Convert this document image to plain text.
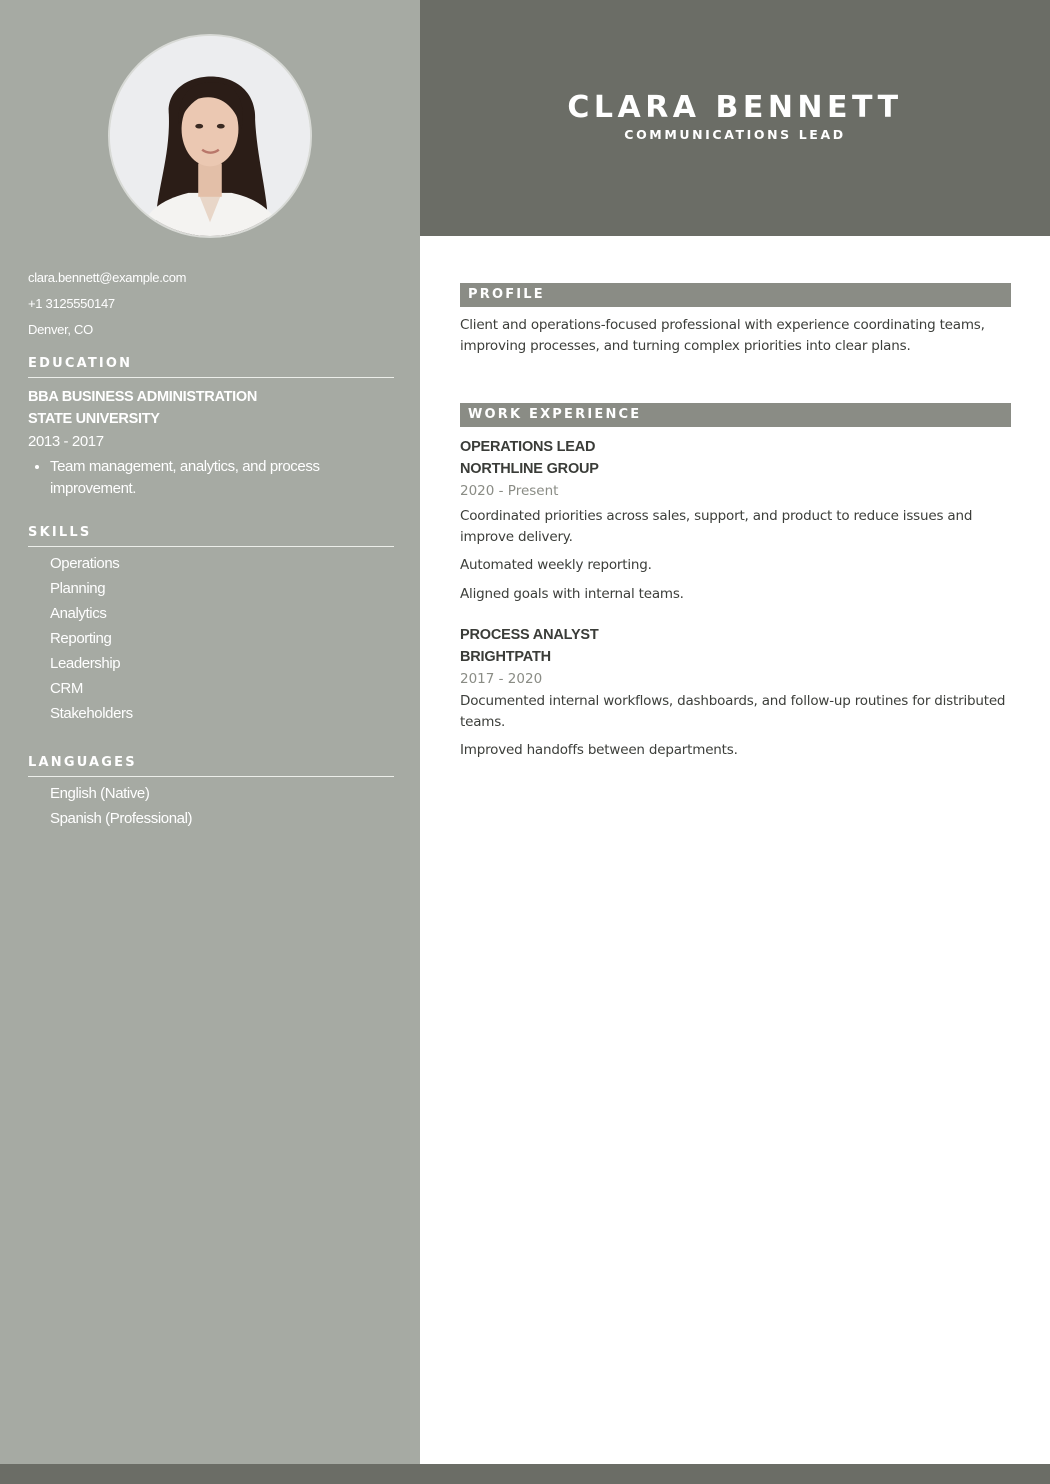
clara.bennett@example.com
+1 3125550147
Denver, CO
EDUCATION
BBA BUSINESS ADMINISTRATION
STATE UNIVERSITY
2013 - 2017
• Team management, analytics, and process improvement.
SKILLS
Operations
Planning
Analytics
Reporting
Leadership
CRM
Stakeholders
LANGUAGES
English (Native)
Spanish (Professional)
CLARA BENNETT
COMMUNICATIONS LEAD
PROFILE
Client and operations-focused professional with experience coordinating teams, improving processes, and turning complex priorities into clear plans.
WORK EXPERIENCE
OPERATIONS LEAD
NORTHLINE GROUP
2020 - Present
Coordinated priorities across sales, support, and product to reduce issues and improve delivery.
Automated weekly reporting.
Aligned goals with internal teams.
PROCESS ANALYST
BRIGHTPATH
2017 - 2020
Documented internal workflows, dashboards, and follow-up routines for distributed teams.
Improved handoffs between departments.
